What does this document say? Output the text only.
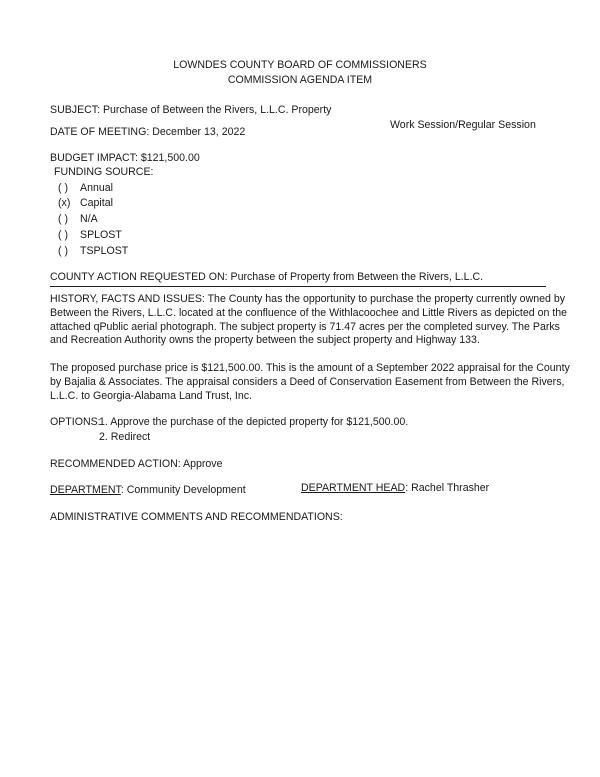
LOWNDES COUNTY BOARD OF COMMISSIONERS
COMMISSION AGENDA ITEM
SUBJECT: Purchase of Between the Rivers, L.L.C. Property
DATE OF MEETING: December 13, 2022
Work Session/Regular Session
BUDGET IMPACT: $121,500.00
FUNDING SOURCE:
( ) Annual
(x) Capital
( ) N/A
( ) SPLOST
( ) TSPLOST
COUNTY ACTION REQUESTED ON: Purchase of Property from Between the Rivers, L.L.C.
HISTORY, FACTS AND ISSUES: The County has the opportunity to purchase the property currently owned by
Between the Rivers, L.L.C. located at the confluence of the Withlacoochee and Little Rivers as depicted on the
attached qPublic aerial photograph. The subject property is 71.47 acres per the completed survey. The Parks
and Recreation Authority owns the property between the subject property and Highway 133.
The proposed purchase price is $121,500.00. This is the amount of a September 2022 appraisal for the County
by Bajalia & Associates. The appraisal considers a Deed of Conservation Easement from Between the Rivers,
L.L.C. to Georgia-Alabama Land Trust, Inc.
OPTIONS:
1. Approve the purchase of the depicted property for $121,500.00.
2. Redirect
RECOMMENDED ACTION: Approve
DEPARTMENT: Community Development	DEPARTMENT HEAD: Rachel Thrasher
ADMINISTRATIVE COMMENTS AND RECOMMENDATIONS:
